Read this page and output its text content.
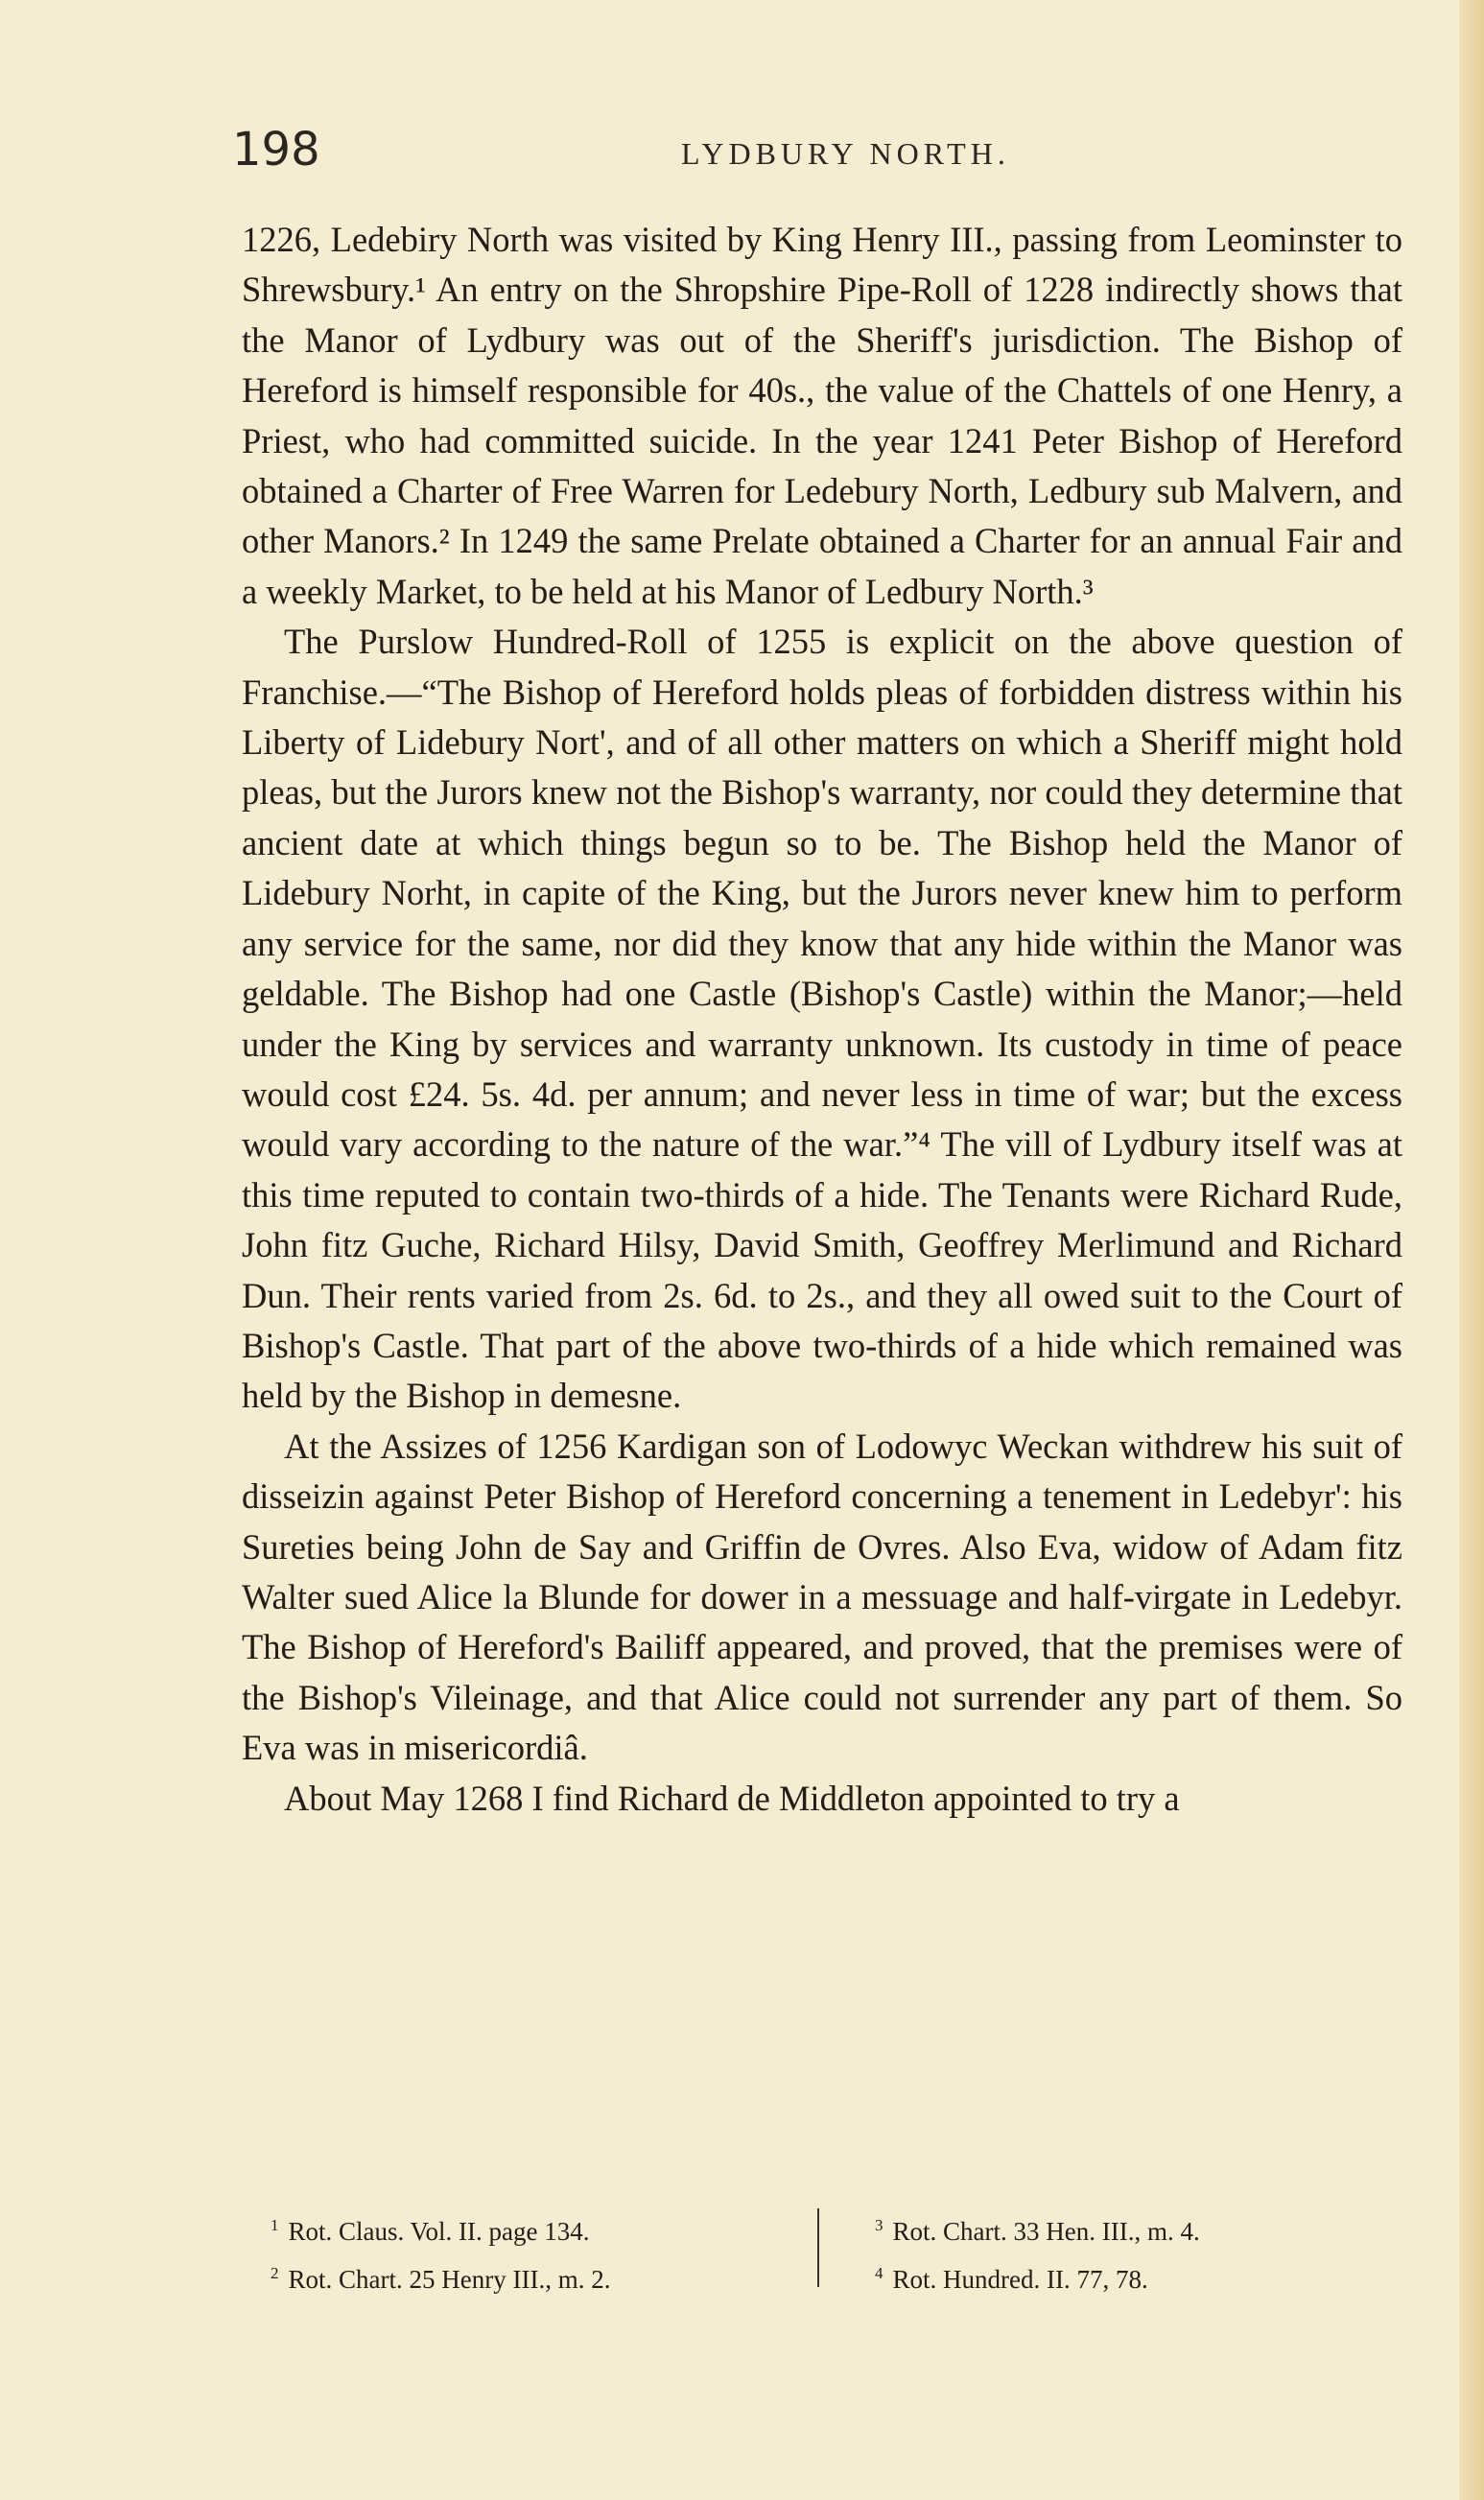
198	LYDBURY NORTH.

1226, Ledebiry North was visited by King Henry III., passing from Leominster to Shrewsbury.¹ An entry on the Shropshire Pipe-Roll of 1228 indirectly shows that the Manor of Lydbury was out of the Sheriff's jurisdiction. The Bishop of Hereford is himself responsible for 40s., the value of the Chattels of one Henry, a Priest, who had committed suicide. In the year 1241 Peter Bishop of Hereford obtained a Charter of Free Warren for Ledebury North, Ledbury sub Malvern, and other Manors.² In 1249 the same Prelate obtained a Charter for an annual Fair and a weekly Market, to be held at his Manor of Ledbury North.³

The Purslow Hundred-Roll of 1255 is explicit on the above question of Franchise.—“The Bishop of Hereford holds pleas of forbidden distress within his Liberty of Lidebury Nort', and of all other matters on which a Sheriff might hold pleas, but the Jurors knew not the Bishop's warranty, nor could they determine that ancient date at which things begun so to be. The Bishop held the Manor of Lidebury Norht, in capite of the King, but the Jurors never knew him to perform any service for the same, nor did they know that any hide within the Manor was geldable. The Bishop had one Castle (Bishop's Castle) within the Manor;—held under the King by services and warranty unknown. Its custody in time of peace would cost £24. 5s. 4d. per annum; and never less in time of war; but the excess would vary according to the nature of the war.”⁴ The vill of Lydbury itself was at this time reputed to contain two-thirds of a hide. The Tenants were Richard Rude, John fitz Guche, Richard Hilsy, David Smith, Geoffrey Merlimund and Richard Dun. Their rents varied from 2s. 6d. to 2s., and they all owed suit to the Court of Bishop's Castle. That part of the above two-thirds of a hide which remained was held by the Bishop in demesne.

At the Assizes of 1256 Kardigan son of Lodowyc Weckan withdrew his suit of disseizin against Peter Bishop of Hereford concerning a tenement in Ledebyr': his Sureties being John de Say and Griffin de Ovres. Also Eva, widow of Adam fitz Walter sued Alice la Blunde for dower in a messuage and half-virgate in Ledebyr. The Bishop of Hereford's Bailiff appeared, and proved, that the premises were of the Bishop's Vileinage, and that Alice could not surrender any part of them. So Eva was in misericordiâ.

About May 1268 I find Richard de Middleton appointed to try a

$^1$ Rot. Claus. Vol. II. page 134.
$^2$ Rot. Chart. 25 Henry III., m. 2.
$^3$ Rot. Chart. 33 Hen. III., m. 4.
$^4$ Rot. Hundred. II. 77, 78.
